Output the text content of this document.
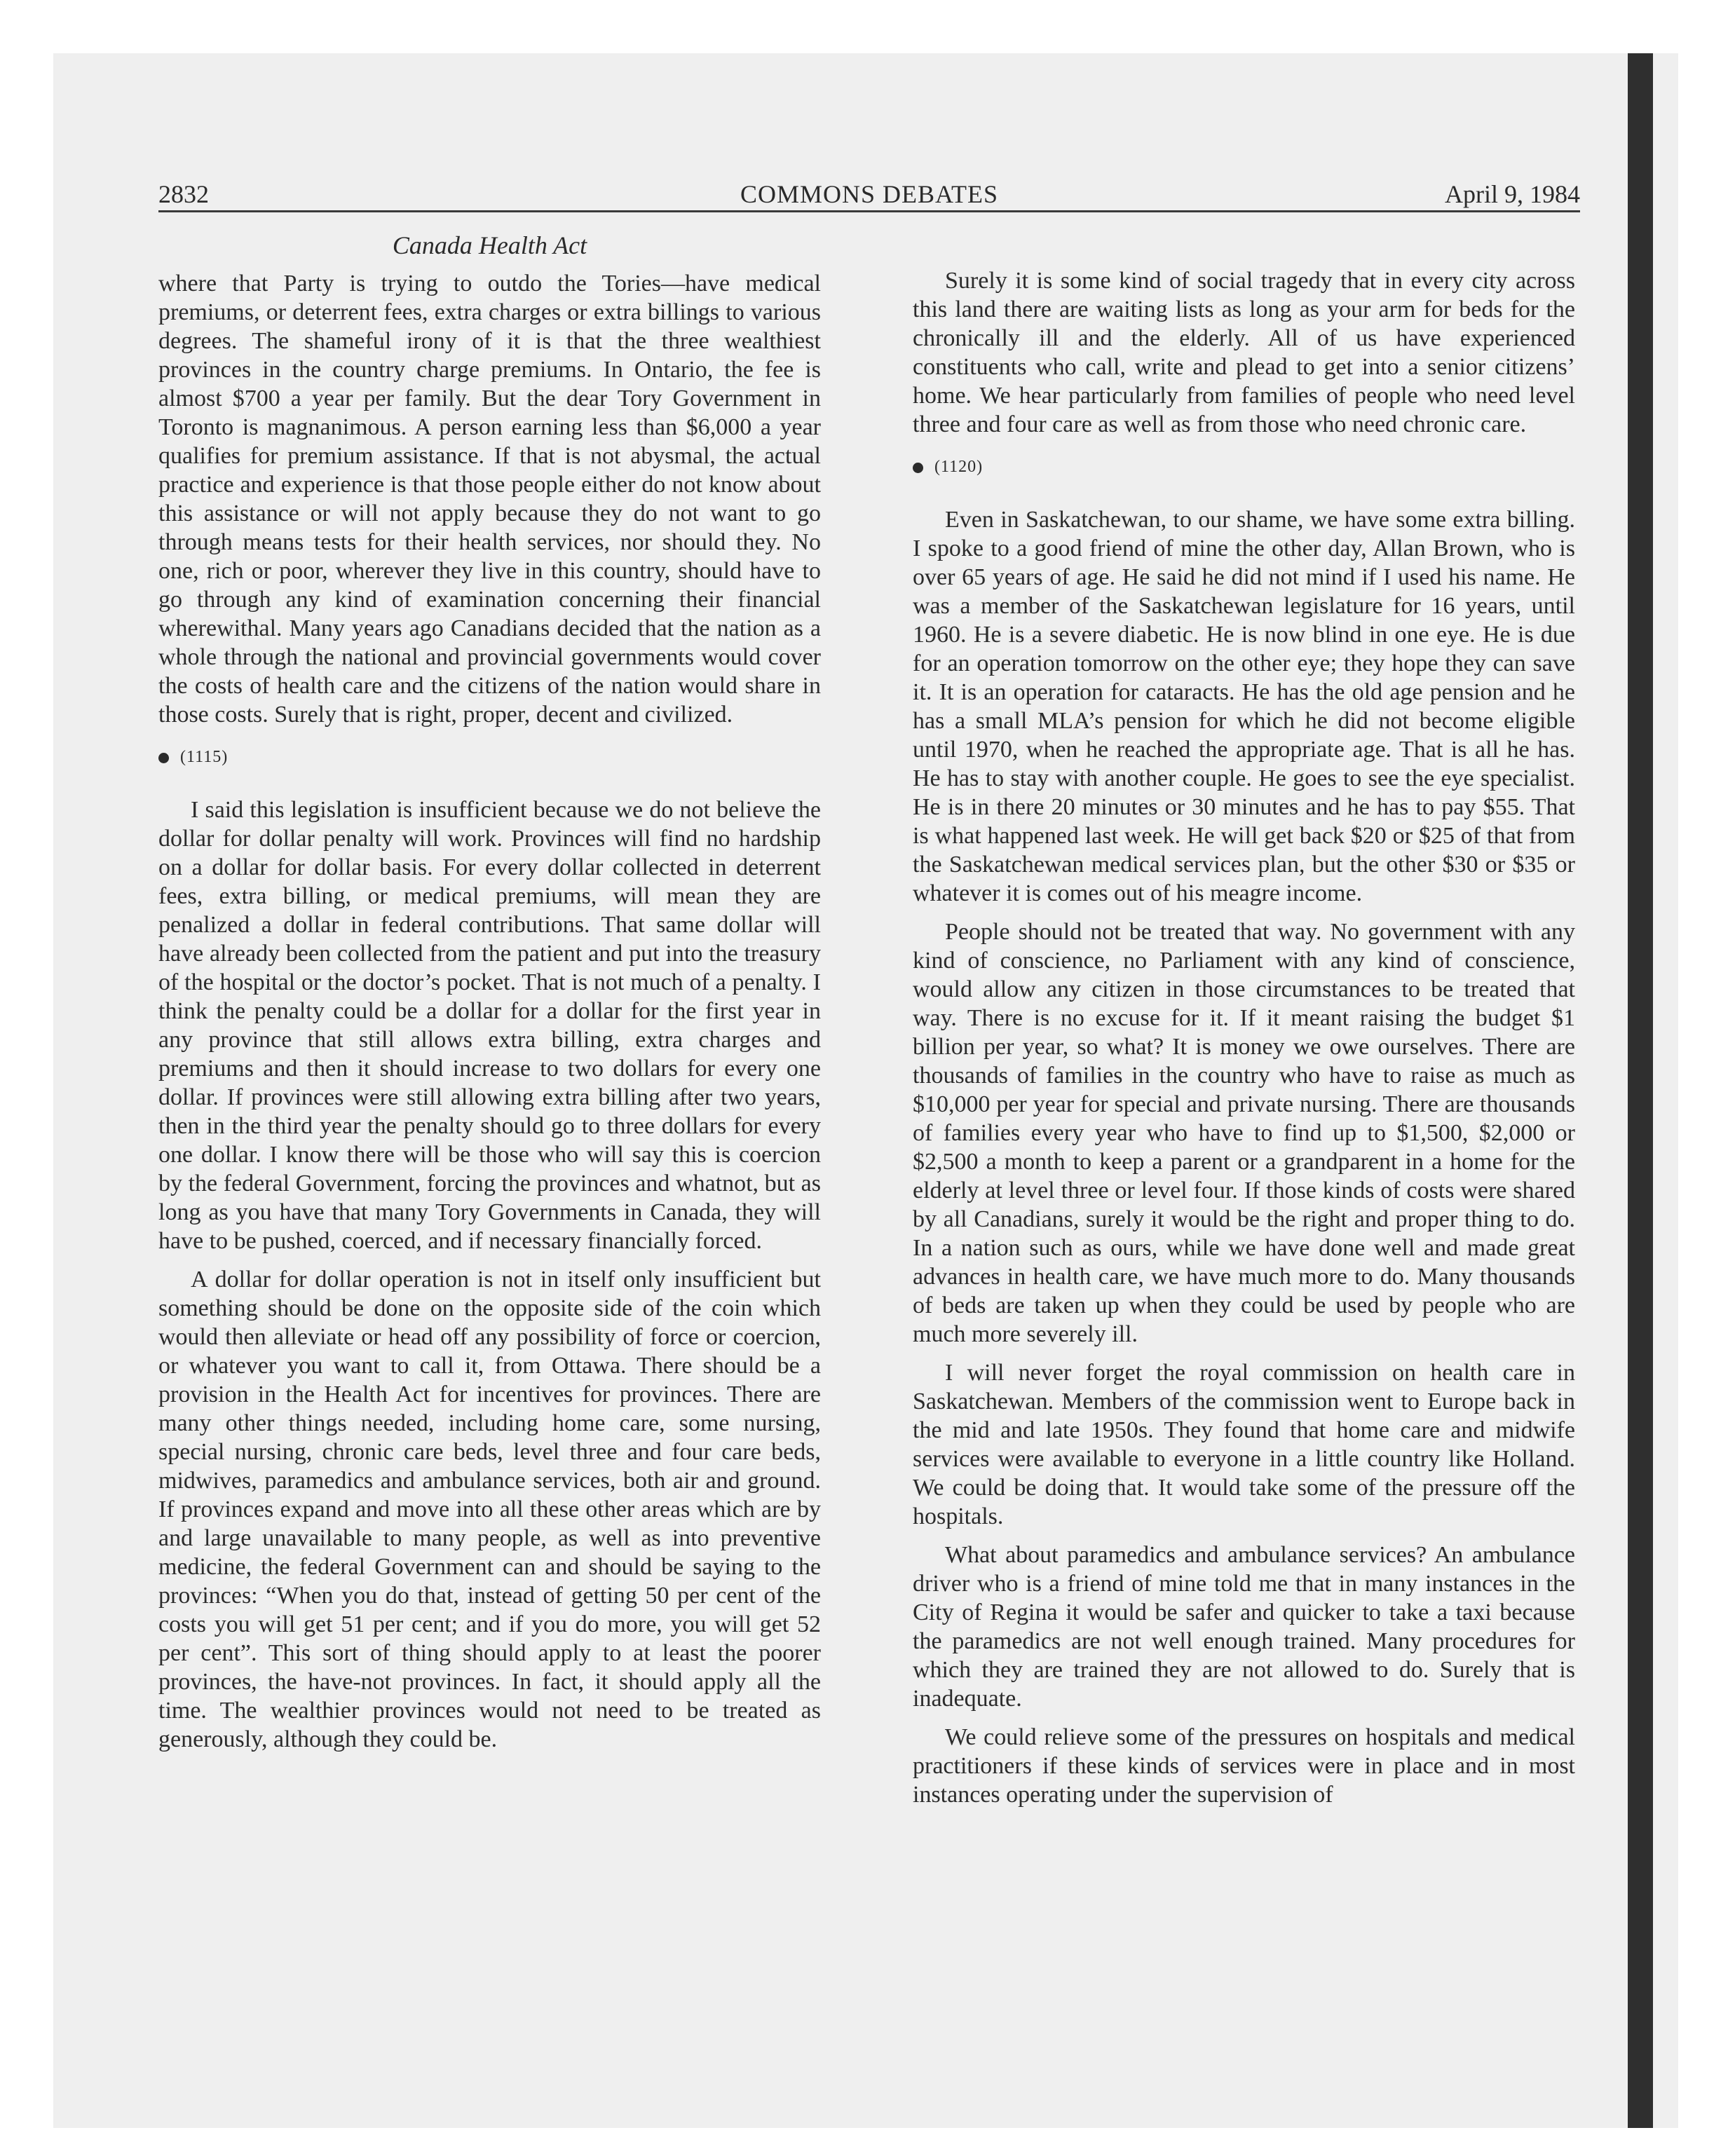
2832	COMMONS DEBATES	April 9, 1984
Canada Health Act

where that Party is trying to outdo the Tories—have medical premiums, or deterrent fees, extra charges or extra billings to various degrees. The shameful irony of it is that the three wealthiest provinces in the country charge premiums. In Ontario, the fee is almost $700 a year per family. But the dear Tory Government in Toronto is magnanimous. A person earning less than $6,000 a year qualifies for premium assistance. If that is not abysmal, the actual practice and experience is that those people either do not know about this assistance or will not apply because they do not want to go through means tests for their health services, nor should they. No one, rich or poor, wherever they live in this country, should have to go through any kind of examination concerning their financial wherewithal. Many years ago Canadians decided that the nation as a whole through the national and provincial governments would cover the costs of health care and the citizens of the nation would share in those costs. Surely that is right, proper, decent and civilized.

(1115)

I said this legislation is insufficient because we do not believe the dollar for dollar penalty will work. Provinces will find no hardship on a dollar for dollar basis. For every dollar collected in deterrent fees, extra billing, or medical premiums, will mean they are penalized a dollar in federal contributions. That same dollar will have already been collected from the patient and put into the treasury of the hospital or the doctor’s pocket. That is not much of a penalty. I think the penalty could be a dollar for a dollar for the first year in any province that still allows extra billing, extra charges and premiums and then it should increase to two dollars for every one dollar. If provinces were still allowing extra billing after two years, then in the third year the penalty should go to three dollars for every one dollar. I know there will be those who will say this is coercion by the federal Government, forcing the provinces and whatnot, but as long as you have that many Tory Governments in Canada, they will have to be pushed, coerced, and if necessary financially forced.

A dollar for dollar operation is not in itself only insufficient but something should be done on the opposite side of the coin which would then alleviate or head off any possibility of force or coercion, or whatever you want to call it, from Ottawa. There should be a provision in the Health Act for incentives for provinces. There are many other things needed, including home care, some nursing, special nursing, chronic care beds, level three and four care beds, midwives, paramedics and ambulance services, both air and ground. If provinces expand and move into all these other areas which are by and large unavailable to many people, as well as into preventive medicine, the federal Government can and should be saying to the provinces: “When you do that, instead of getting 50 per cent of the costs you will get 51 per cent; and if you do more, you will get 52 per cent”. This sort of thing should apply to at least the poorer provinces, the have-not provinces. In fact, it should apply all the time. The wealthier provinces would not need to be treated as generously, although they could be.

Surely it is some kind of social tragedy that in every city across this land there are waiting lists as long as your arm for beds for the chronically ill and the elderly. All of us have experienced constituents who call, write and plead to get into a senior citizens’ home. We hear particularly from families of people who need level three and four care as well as from those who need chronic care.

(1120)

Even in Saskatchewan, to our shame, we have some extra billing. I spoke to a good friend of mine the other day, Allan Brown, who is over 65 years of age. He said he did not mind if I used his name. He was a member of the Saskatchewan legislature for 16 years, until 1960. He is a severe diabetic. He is now blind in one eye. He is due for an operation tomorrow on the other eye; they hope they can save it. It is an operation for cataracts. He has the old age pension and he has a small MLA’s pension for which he did not become eligible until 1970, when he reached the appropriate age. That is all he has. He has to stay with another couple. He goes to see the eye specialist. He is in there 20 minutes or 30 minutes and he has to pay $55. That is what happened last week. He will get back $20 or $25 of that from the Saskatchewan medical services plan, but the other $30 or $35 or whatever it is comes out of his meagre income.

People should not be treated that way. No government with any kind of conscience, no Parliament with any kind of conscience, would allow any citizen in those circumstances to be treated that way. There is no excuse for it. If it meant raising the budget $1 billion per year, so what? It is money we owe ourselves. There are thousands of families in the country who have to raise as much as $10,000 per year for special and private nursing. There are thousands of families every year who have to find up to $1,500, $2,000 or $2,500 a month to keep a parent or a grandparent in a home for the elderly at level three or level four. If those kinds of costs were shared by all Canadians, surely it would be the right and proper thing to do. In a nation such as ours, while we have done well and made great advances in health care, we have much more to do. Many thousands of beds are taken up when they could be used by people who are much more severely ill.

I will never forget the royal commission on health care in Saskatchewan. Members of the commission went to Europe back in the mid and late 1950s. They found that home care and midwife services were available to everyone in a little country like Holland. We could be doing that. It would take some of the pressure off the hospitals.

What about paramedics and ambulance services? An ambulance driver who is a friend of mine told me that in many instances in the City of Regina it would be safer and quicker to take a taxi because the paramedics are not well enough trained. Many procedures for which they are trained they are not allowed to do. Surely that is inadequate.

We could relieve some of the pressures on hospitals and medical practitioners if these kinds of services were in place and in most instances operating under the supervision of
